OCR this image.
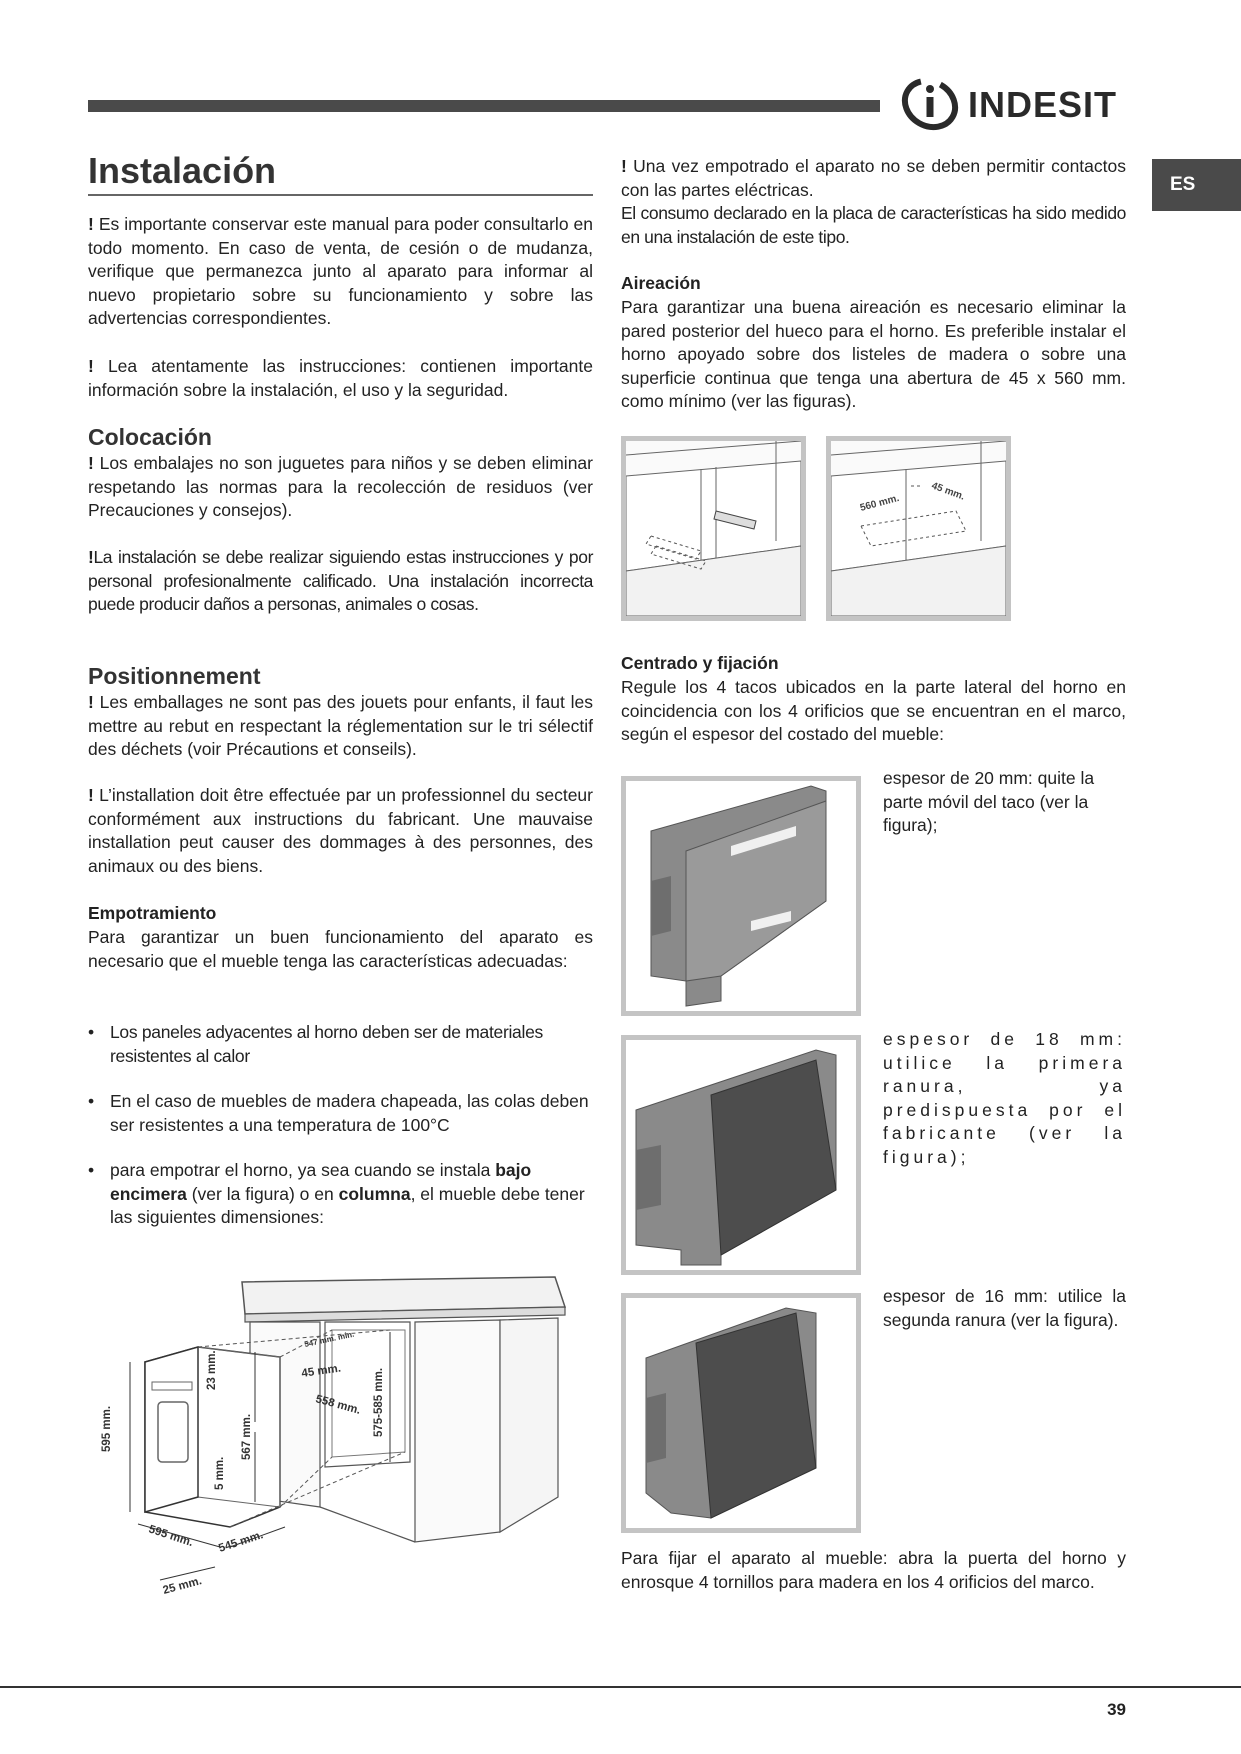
INDESIT
ES
Instalación
! Es importante conservar este manual para poder consultarlo en todo momento. En caso de venta, de cesión o de mudanza, verifique que permanezca junto al aparato para informar al nuevo propietario sobre su funcionamiento y sobre las advertencias correspondientes.
! Lea atentamente las instrucciones: contienen importante información sobre la instalación, el uso y la seguridad.
Colocación
! Los embalajes no son juguetes para niños y se deben eliminar respetando las normas para la recolección de residuos (ver Precauciones y consejos).
!La instalación se debe realizar siguiendo estas instrucciones y por personal profesionalmente calificado. Una instalación incorrecta puede producir daños a personas, animales o cosas.
Positionnement
! Les emballages ne sont pas des jouets pour enfants, il faut les mettre au rebut en respectant la réglementation sur le tri sélectif des déchets (voir Précautions et conseils).
! L’installation doit être effectuée par un professionnel du secteur conformément aux instructions du fabricant. Une mauvaise installation peut causer des dommages à des personnes, des animaux ou des biens.
Empotramiento
Para garantizar un buen funcionamiento del aparato es necesario que el mueble tenga las características adecuadas:
• Los paneles adyacentes al horno deben ser de materiales resistentes al calor
• En el caso de muebles de madera chapeada, las colas deben ser resistentes a una temperatura de 100°C
• para empotrar el horno, ya sea cuando se instala bajo encimera (ver la figura) o en columna, el mueble debe tener las siguientes dimensiones:
595 mm.
23 mm.
567 mm.
5 mm.
595 mm. 545 mm.
25 mm.
547 mm. min.
45 mm.
558 mm. 575-585 mm.
! Una vez empotrado el aparato no se deben permitir contactos con las partes eléctricas.
El consumo declarado en la placa de características ha sido medido en una instalación de este tipo.
Aireación
Para garantizar una buena aireación es necesario eliminar la pared posterior del hueco para el horno. Es preferible instalar el horno apoyado sobre dos listeles de madera o sobre una superficie continua que tenga una abertura de 45 x 560 mm. como mínimo (ver las figuras).
560 mm.
45 mm.
Centrado y fijación
Regule los 4 tacos ubicados en la parte lateral del horno en coincidencia con los 4 orificios que se encuentran en el marco, según el espesor del costado del mueble:
espesor de 20 mm: quite la parte móvil del taco (ver la figura);
espesor de 18 mm: utilice la primera ranura, ya predispuesta por el fabricante (ver la figura);
espesor de 16 mm: utilice la segunda ranura (ver la figura).
Para fijar el aparato al mueble: abra la puerta del horno y enrosque 4 tornillos para madera en los 4 orificios del marco.
39
